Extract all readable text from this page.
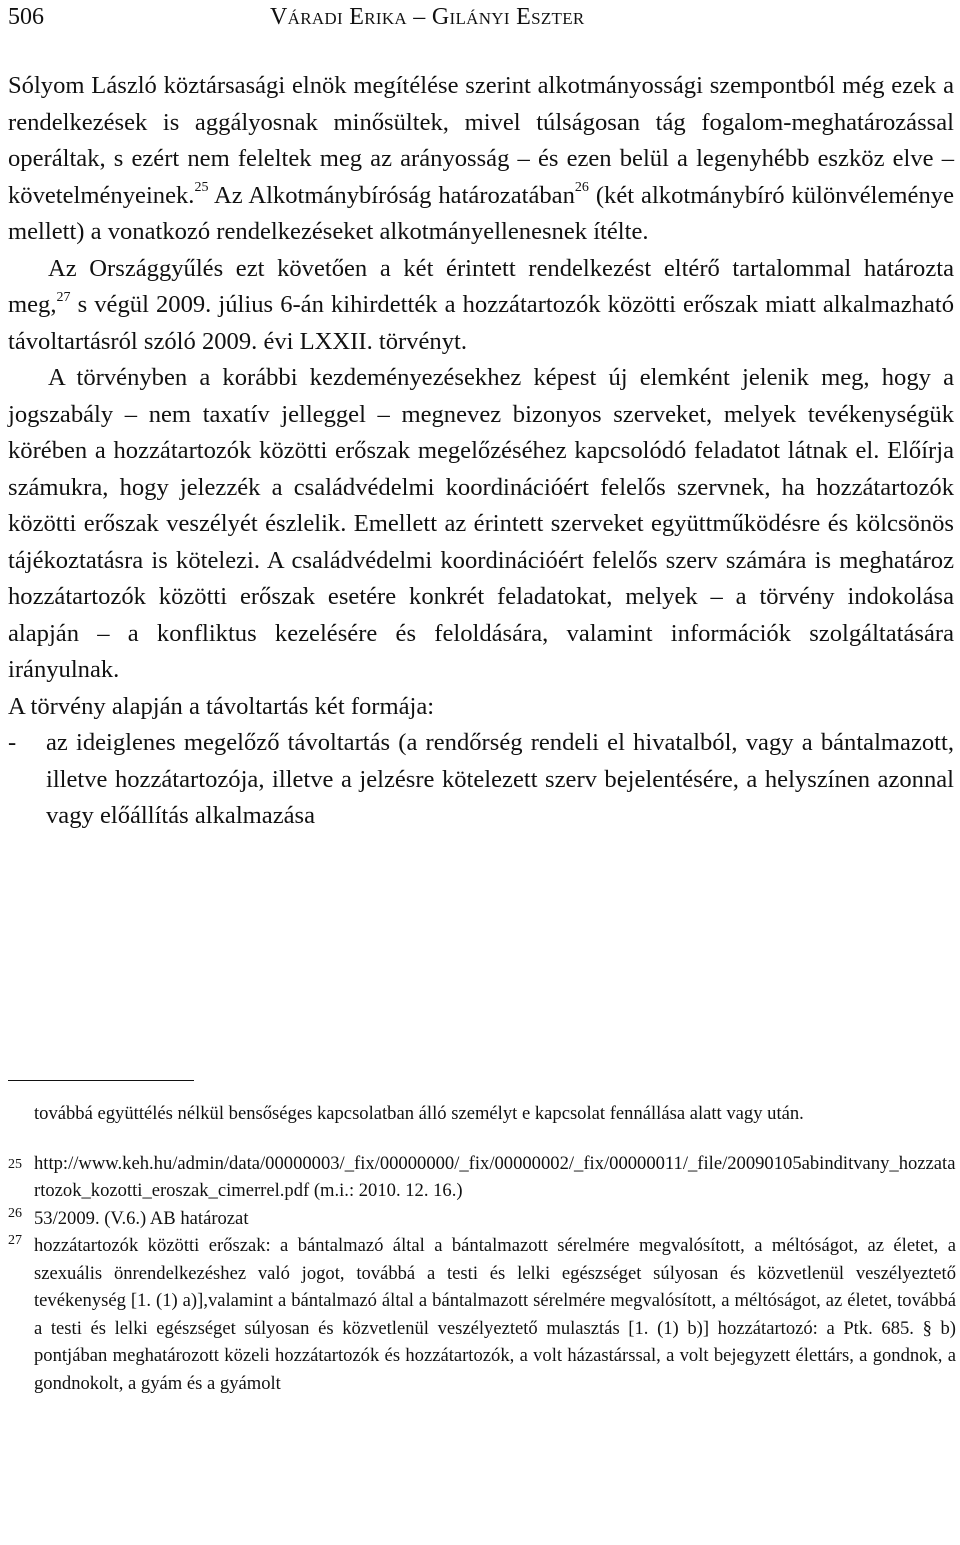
506	Váradi Erika – Gilányi Eszter

Sólyom László köztársasági elnök megítélése szerint alkotmányossági szempontból még ezek a rendelkezések is aggályosnak minősültek, mivel túlságosan tág fogalom-meghatározással operáltak, s ezért nem feleltek meg az arányosság – és ezen belül a legenyhébb eszköz elve – követelményeinek.$^{25}$ Az Alkotmánybíróság határozatában$^{26}$ (két alkotmánybíró különvéleménye mellett) a vonatkozó rendelkezéseket alkotmányellenesnek ítélte.

Az Országgyűlés ezt követően a két érintett rendelkezést eltérő tartalommal határozta meg,$^{27}$ s végül 2009. július 6-án kihirdették a hozzátartozók közötti erőszak miatt alkalmazható távoltartásról szóló 2009. évi LXXII. törvényt.

A törvényben a korábbi kezdeményezésekhez képest új elemként jelenik meg, hogy a jogszabály – nem taxatív jelleggel – megnevez bizonyos szerveket, melyek tevékenységük körében a hozzátartozók közötti erőszak megelőzéséhez kapcsolódó feladatot látnak el. Előírja számukra, hogy jelezzék a családvédelmi koordinációért felelős szervnek, ha hozzátartozók közötti erőszak veszélyét észlelik. Emellett az érintett szerveket együttműködésre és kölcsönös tájékoztatásra is kötelezi. A családvédelmi koordinációért felelős szerv számára is meghatároz hozzátartozók közötti erőszak esetére konkrét feladatokat, melyek – a törvény indokolása alapján – a konfliktus kezelésére és feloldására, valamint információk szolgáltatására irányulnak.

A törvény alapján a távoltartás két formája:

- az ideiglenes megelőző távoltartás (a rendőrség rendeli el hivatalból, vagy a bántalmazott, illetve hozzátartozója, illetve a jelzésre kötelezett szerv bejelentésére, a helyszínen azonnal vagy előállítás alkalmazása

továbbá együttélés nélkül bensőséges kapcsolatban álló személyt e kapcsolat fennállása alatt vagy után.
25 http://www.keh.hu/admin/data/00000003/_fix/00000000/_fix/00000002/_fix/00000011/_file/20090105abinditvany_hozzatartozok_kozotti_eroszak_cimerrel.pdf (m.i.: 2010. 12. 16.)
26 53/2009. (V.6.) AB határozat
27 hozzátartozók közötti erőszak: a bántalmazó által a bántalmazott sérelmére megvalósított, a méltóságot, az életet, a szexuális önrendelkezéshez való jogot, továbbá a testi és lelki egészséget súlyosan és közvetlenül veszélyeztető tevékenység [1. (1) a)],valamint a bántalmazó által a bántalmazott sérelmére megvalósított, a méltóságot, az életet, továbbá a testi és lelki egészséget súlyosan és közvetlenül veszélyeztető mulasztás [1. (1) b)] hozzátartozó: a Ptk. 685. § b) pontjában meghatározott közeli hozzátartozók és hozzátartozók, a volt házastárssal, a volt bejegyzett élettárs, a gondnok, a gondnokolt, a gyám és a gyámolt
